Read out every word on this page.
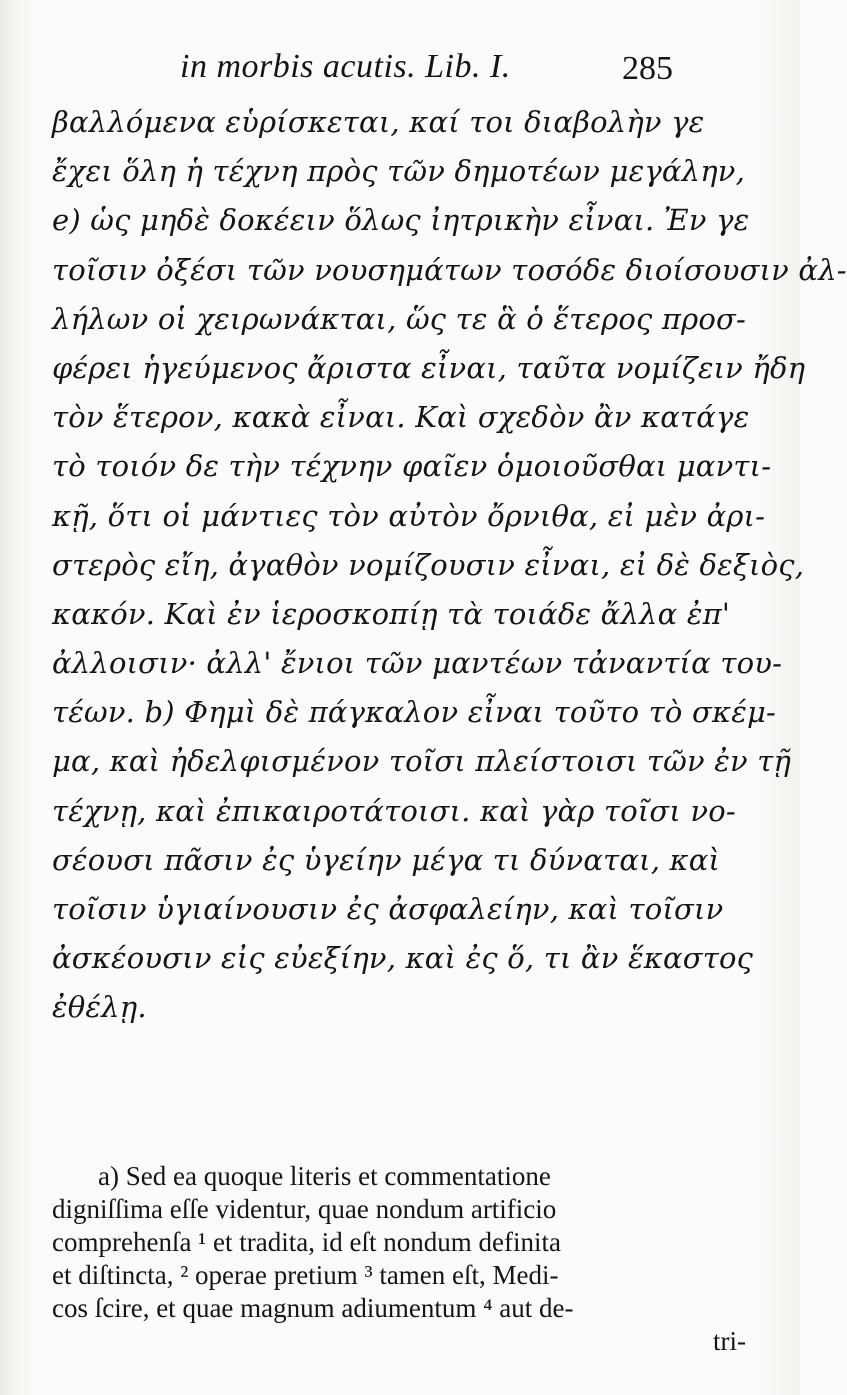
in morbis acutis. Lib. I.	285
βαλλόμενα εὑρίσκεται, καί τοι διαβολὴν γε
ἔχει ὅλη ἡ τέχνη πρὸς τῶν δημοτέων μεγάλην,
e) ὡς μηδὲ δοκέειν ὅλως ἰητρικὴν εἶναι. Ἐν γε
τοῖσιν ὀξέσι τῶν νουσημάτων τοσόδε διοίσουσιν ἀλ-
λήλων οἱ χειρωνάκται, ὥς τε ἃ ὁ ἕτερος προσ-
φέρει ἡγεύμενος ἄριστα εἶναι, ταῦτα νομίζειν ἤδη
τὸν ἕτερον, κακὰ εἶναι. Καὶ σχεδὸν ἂν κατάγε
τὸ τοιόν δε τὴν τέχνην φαῖεν ὁμοιοῦσθαι μαντι-
κῇ, ὅτι οἱ μάντιες τὸν αὐτὸν ὄρνιθα, εἰ μὲν ἀρι-
στερὸς εἴη, ἀγαθὸν νομίζουσιν εἶναι, εἰ δὲ δεξιὸς,
κακόν. Καὶ ἐν ἱεροσκοπίῃ τὰ τοιάδε ἄλλα ἐπ'
ἀλλοισιν· ἀλλ' ἔνιοι τῶν μαντέων τἀναντία του-
τέων. b) Φημὶ δὲ πάγκαλον εἶναι τοῦτο τὸ σκέμ-
μα, καὶ ἠδελφισμένον τοῖσι πλείστοισι τῶν ἐν τῇ
τέχνῃ, καὶ ἐπικαιροτάτοισι. καὶ γὰρ τοῖσι νο-
σέουσι πᾶσιν ἐς ὑγείην μέγα τι δύναται, καὶ
τοῖσιν ὑγιαίνουσιν ἐς ἀσφαλείην, καὶ τοῖσιν
ἀσκέουσιν εἰς εὐεξίην, καὶ ἐς ὅ, τι ἂν ἕκαστος
ἐθέλῃ.
a) Sed ea quoque literis et commentatione
digniſſima eſſe videntur, quae nondum artificio
comprehenſa ¹ et tradita, id eſt nondum definita
et diſtincta, ² operae pretium ³ tamen eſt, Medi-
cos ſcire, et quae magnum adiumentum ⁴ aut de-
tri-
